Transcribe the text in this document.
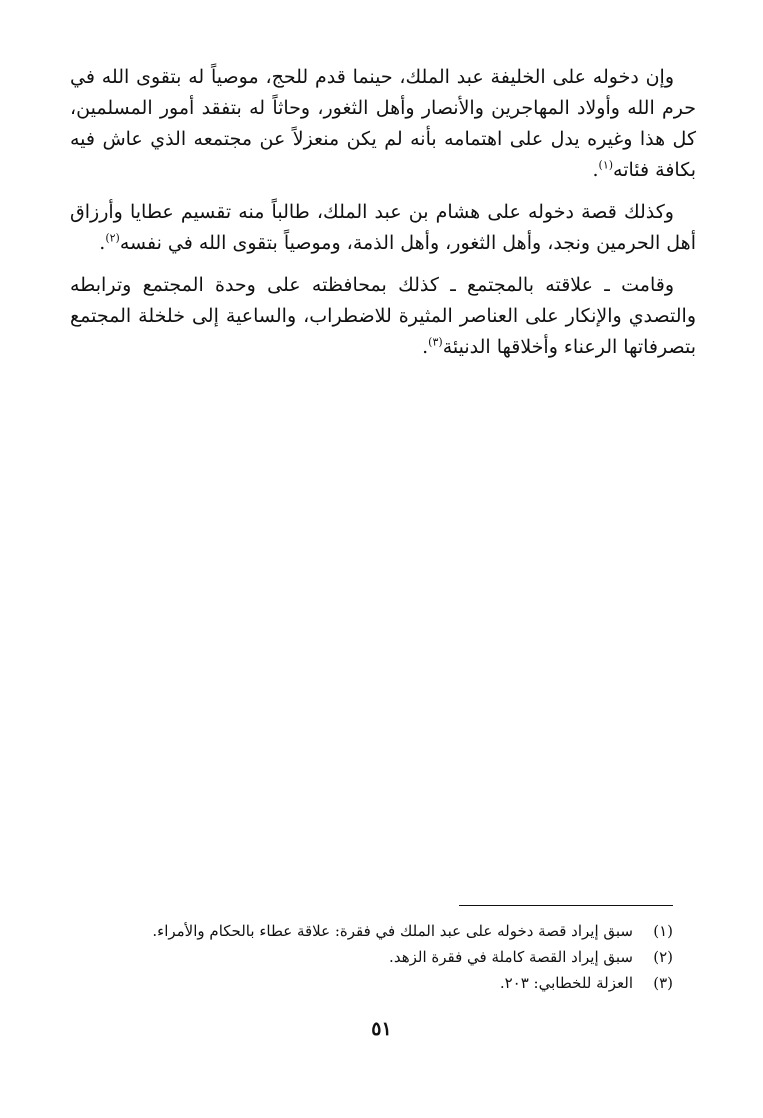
وإن دخوله على الخليفة عبد الملك، حينما قدم للحج، موصياً له بتقوى الله في حرم الله وأولاد المهاجرين والأنصار وأهل الثغور، وحاثاً له بتفقد أمور المسلمين، كل هذا وغيره يدل على اهتمامه بأنه لم يكن منعزلاً عن مجتمعه الذي عاش فيه بكافة فئاته$^{(١)}$.

وكذلك قصة دخوله على هشام بن عبد الملك، طالباً منه تقسيم عطايا وأرزاق أهل الحرمين ونجد، وأهل الثغور، وأهل الذمة، وموصياً بتقوى الله في نفسه$^{(٢)}$.

وقامت ـ علاقته بالمجتمع ـ كذلك بمحافظته على وحدة المجتمع وترابطه والتصدي والإنكار على العناصر المثيرة للاضطراب، والساعية إلى خلخلة المجتمع بتصرفاتها الرعناء وأخلاقها الدنيئة$^{(٣)}$.

(١)سبق إيراد قصة دخوله على عبد الملك في فقرة: علاقة عطاء بالحكام والأمراء.

(٢)سبق إيراد القصة كاملة في فقرة الزهد.

(٣)العزلة للخطابي: ٢٠٣.

٥١
